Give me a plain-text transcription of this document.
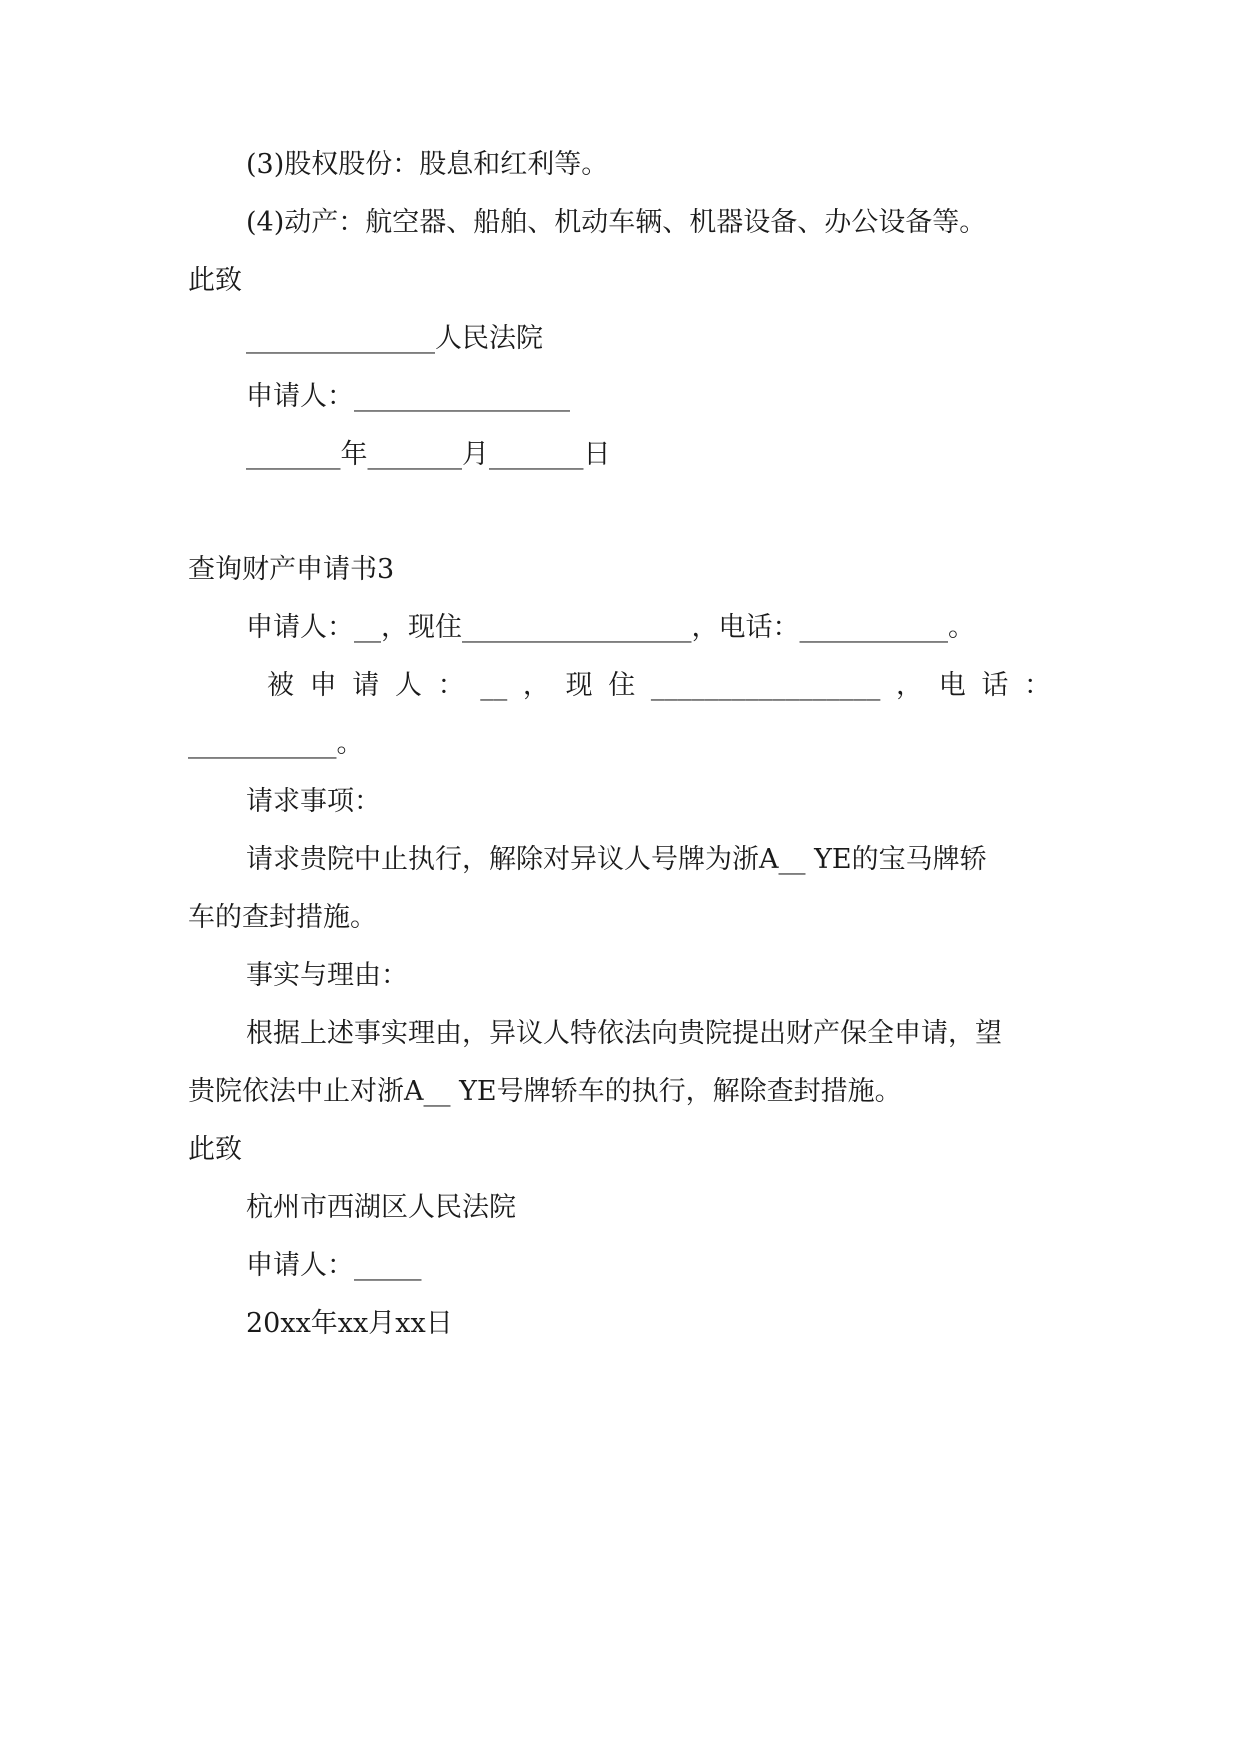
(3)股权股份：股息和红利等。
(4)动产：航空器、船舶、机动车辆、机器设备、办公设备等。
此致
______________人民法院
申请人：________________
_______年_______月_______日
查询财产申请书3
申请人：__，现住_________________，电话：___________。
被申请人：__，现住_________________，电话：
___________。
请求事项：
请求贵院中止执行，解除对异议人号牌为浙A__ YE的宝马牌轿
车的查封措施。
事实与理由：
根据上述事实理由，异议人特依法向贵院提出财产保全申请，望
贵院依法中止对浙A__ YE号牌轿车的执行，解除查封措施。
此致
杭州市西湖区人民法院
申请人：_____
20xx年xx月xx日
